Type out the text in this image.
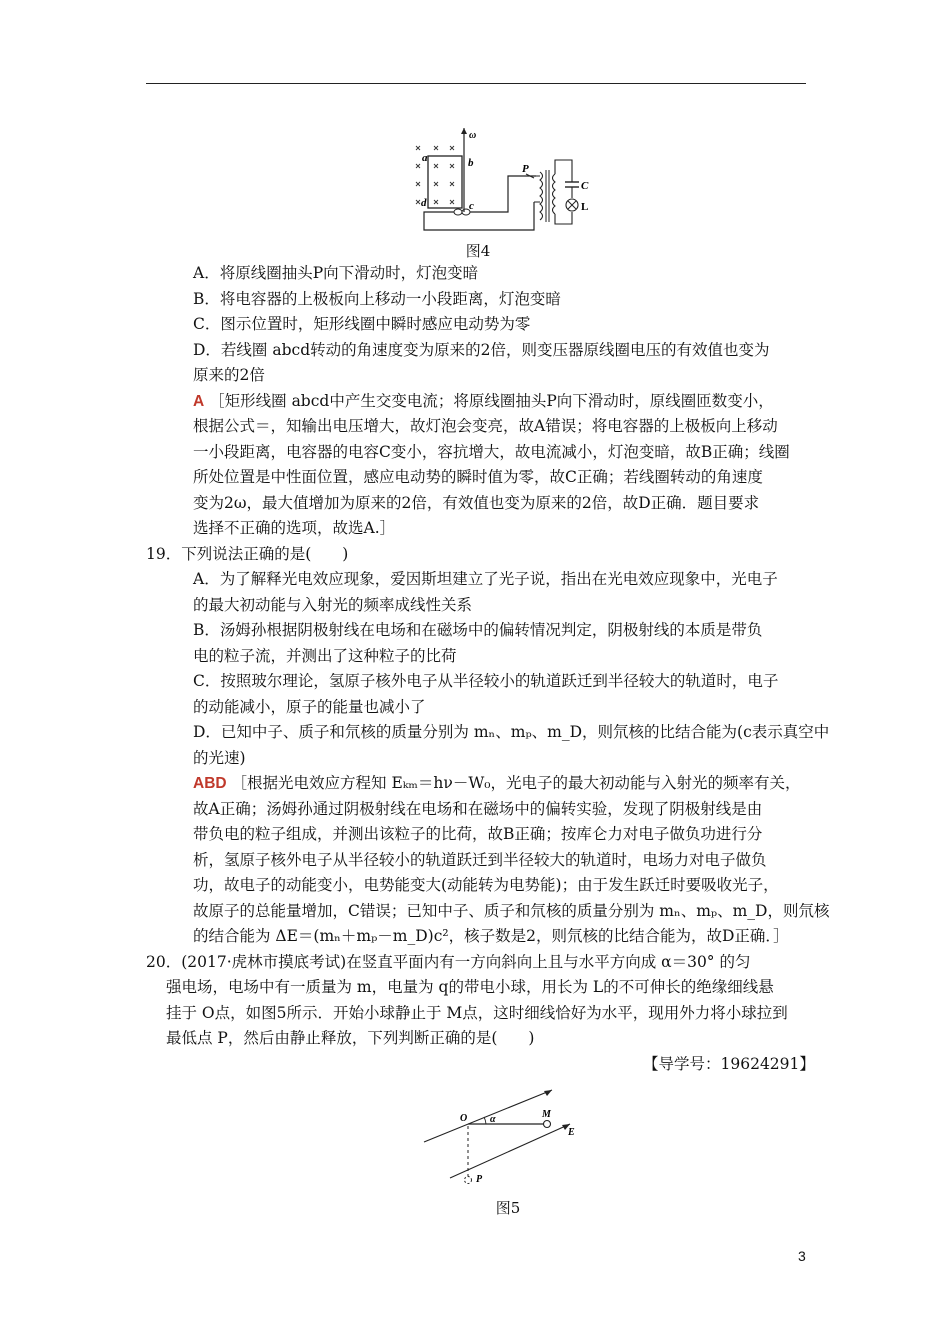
ω
a	b
c
d
P
C
L
图4
A．将原线圈抽头P向下滑动时，灯泡变暗
B．将电容器的上极板向上移动一小段距离，灯泡变暗
C．图示位置时，矩形线圈中瞬时感应电动势为零
D．若线圈 abcd转动的角速度变为原来的2倍，则变压器原线圈电压的有效值也变为
原来的2倍
A ［矩形线圈 abcd中产生交变电流；将原线圈抽头P向下滑动时，原线圈匝数变小，
根据公式＝，知输出电压增大，故灯泡会变亮，故A错误；将电容器的上极板向上移动
一小段距离，电容器的电容C变小，容抗增大，故电流减小，灯泡变暗，故B正确；线圈
所处位置是中性面位置，感应电动势的瞬时值为零，故C正确；若线圈转动的角速度
变为2ω，最大值增加为原来的2倍，有效值也变为原来的2倍，故D正确．题目要求
选择不正确的选项，故选A.］
19．下列说法正确的是(　　)
A．为了解释光电效应现象，爱因斯坦建立了光子说，指出在光电效应现象中，光电子
的最大初动能与入射光的频率成线性关系
B．汤姆孙根据阴极射线在电场和在磁场中的偏转情况判定，阴极射线的本质是带负
电的粒子流，并测出了这种粒子的比荷
C．按照玻尔理论，氢原子核外电子从半径较小的轨道跃迁到半径较大的轨道时，电子
的动能减小，原子的能量也减小了
D．已知中子、质子和氘核的质量分别为 mₙ、mₚ、m_D，则氘核的比结合能为(c表示真空中
的光速)
ABD ［根据光电效应方程知 Eₖₘ＝hν－W₀，光电子的最大初动能与入射光的频率有关，
故A正确；汤姆孙通过阴极射线在电场和在磁场中的偏转实验，发现了阴极射线是由
带负电的粒子组成，并测出该粒子的比荷，故B正确；按库仑力对电子做负功进行分
析，氢原子核外电子从半径较小的轨道跃迁到半径较大的轨道时，电场力对电子做负
功，故电子的动能变小，电势能变大(动能转为电势能)；由于发生跃迁时要吸收光子，
故原子的总能量增加，C错误；已知中子、质子和氘核的质量分别为 mₙ、mₚ、m_D，则氘核
的结合能为 ΔE＝(mₙ＋mₚ－m_D)c²，核子数是2，则氘核的比结合能为，故D正确．］
20．(2017·虎林市摸底考试)在竖直平面内有一方向斜向上且与水平方向成 α＝30° 的匀
强电场，电场中有一质量为 m，电量为 q的带电小球，用长为 L的不可伸长的绝缘细线悬
挂于 O点，如图5所示．开始小球静止于 M点，这时细线恰好为水平，现用外力将小球拉到
最低点 P，然后由静止释放，下列判断正确的是(　　)
【导学号：19624291】
O α	M
E
P
图5
3
